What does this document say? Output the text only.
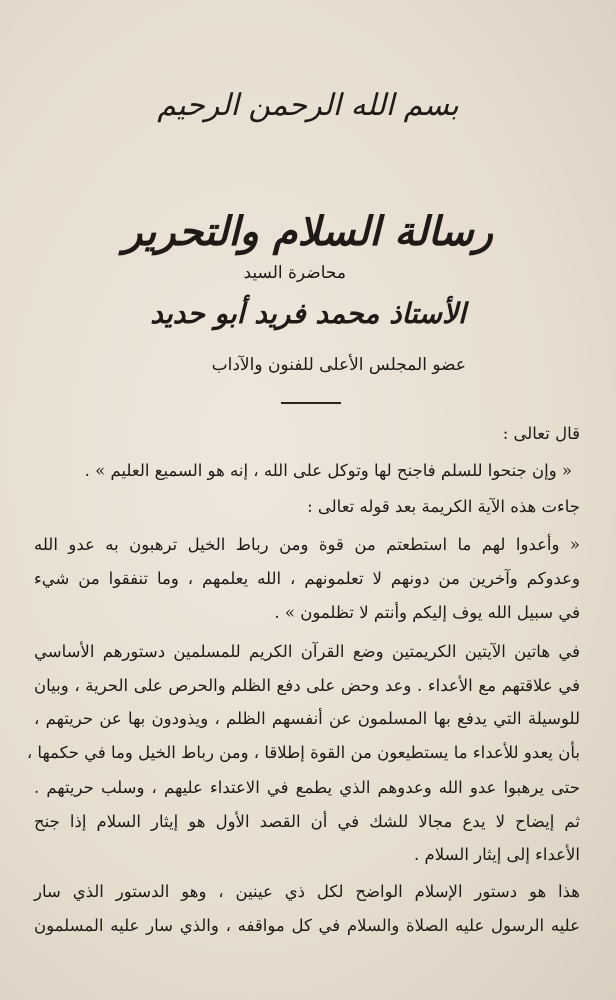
بسم الله الرحمن الرحيم
رسالة السلام والتحرير
محاضرة السيد
الأستاذ محمد فريد أبو حديد
عضو المجلس الأعلى للفنون والآداب
قال تعالى :
« وإن جنحوا للسلم فاجنح لها وتوكل على الله ، إنه هو السميع العليم » .
جاءت هذه الآية الكريمة بعد قوله تعالى :
« وأعدوا لهم ما استطعتم من قوة ومن رباط الخيل ترهبون به عدو الله
وعدوكم وآخرين من دونهم لا تعلمونهم ، الله يعلمهم ، وما تنفقوا من شيء
في سبيل الله يوف إليكم وأنتم لا تظلمون » .
في هاتين الآيتين الكريمتين وضع القرآن الكريم للمسلمين دستورهم الأساسي
في علاقتهم مع الأعداء . وعد وحض على دفع الظلم والحرص على الحرية ، وبيان
للوسيلة التي يدفع بها المسلمون عن أنفسهم الظلم ، ويذودون بها عن حريتهم ،
بأن يعدو للأعداء ما يستطيعون من القوة إطلاقا ، ومن رباط الخيل وما في حكمها ،
حتى يرهبوا عدو الله وعدوهم الذي يطمع في الاعتداء عليهم ، وسلب حريتهم .
ثم إيضاح لا يدع مجالا للشك في أن القصد الأول هو إيثار السلام إذا جنح
الأعداء إلى إيثار السلام .
هذا هو دستور الإسلام الواضح لكل ذي عينين ، وهو الدستور الذي سار
عليه الرسول عليه الصلاة والسلام في كل مواقفه ، والذي سار عليه المسلمون
